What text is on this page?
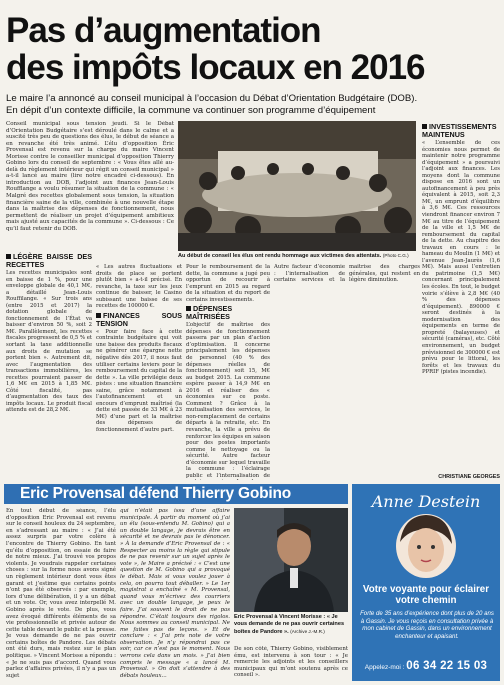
Pas d’augmentation
des impôts locaux en 2016
Le maire l’a annoncé au conseil municipal à l’occasion du Débat d’Orientation Budgétaire (DOB).
En dépit d’un contexte difficile, la commune va continuer son programme d’équipement

Conseil municipal sous tension jeudi. Si le Débat d’Orientation Budgétaire s’est déroulé dans le calme et a suscité très peu de questions des élus, le début de séance a en revanche été très animé. L’élu d’opposition Éric Provensal est revenu sur la charge du maire Vincent Morisse contre le conseiller municipal d’opposition Thierry Gobino lors du conseil de septembre : « Vous êtes allé au-delà du règlement intérieur qui régit un conseil municipal » a-t-il lancé au maire (lire notre encadré ci-dessous). En introduction au DOB, l’adjoint aux finances Jean-Louis Roufflange a voulu résumer la situation de la commune : « Malgré des recettes globalement sous tension, la situation financière saine de la ville, combinée à une nouvelle étape dans la maîtrise des dépenses de fonctionnement, nous permettent de réaliser un projet d’équipement ambitieux mais ajusté aux capacités de la commune ». Ci-dessous : Ce qu’il faut retenir du DOB.

Au début de conseil les élus ont rendu hommage aux victimes des attentats. (Photo C.G.)
LÉGÈRE BAISSE DES RECETTES

Les recettes municipales sont en baisse de 1 %, pour une enveloppe globale de 40,1 M€, a détaillé Jean-Louis Rouffilange. « Sur trois ans (entre 2015 et 2017) la dotation globale de fonctionnement de l’État va baisser d’environ 50 %, soit 2 M€. Parallèlement, les recettes fiscales progressent de 0,5 % et sortant la taxe additionnelle aux droits de mutation se portent bien ». Autrement dit, avec l’augmentation des transactions immobilières, les recettes pourraient passer de 1,6 M€ en 2015 à 1,85 M€. Côté fiscalité, pas d’augmentation des taux des impôts locaux. Le produit fiscal attendu est de 28,2 M€.

« Les autres fluctuations et droits de place se portent plutôt bien » a-t-il précisé. En revanche, la taxe sur les jeux continue de baisser, le Casino subissant une baisse de ses recettes de 100000 €.

FINANCES SOUS TENSION

« Pour faire face à cette contrainte budgétaire qui voit une baisse des produits fiscaux ne générer une épargne nette négative dès 2017, il nous faut utiliser certains leviers pour le remboursement du capital de la dette ». La ville privilégie deux pistes : une situation financière saine, grâce notamment à l’autofinancement et un encours d’emprunt maîtrisé (la dette est passée de 33 M€ à 23 M€) d’une part et la maîtrise des dépenses de fonctionnement d’autre part.

Pour le remboursement de la dette, la commune a jugé peu opportun de recourir à l’emprunt en 2015 au regard de la situation et du report de certains investissements.

DÉPENSES MAÎTRISÉES

L’objectif de maîtrise des dépenses de fonctionnement passera par un plan d’action d’optimisation. Il concerne principalement les dépenses de personnel (40 % des dépenses réelles de fonctionnement) soit 15, M€ au budget 2015. La commune espère passer à 14,9 M€ en 2016 et réaliser des « économies sur ce poste. Comment ? Grâce à la mutualisation des services, le non-remplacement de certains départs à la retraite, etc. En revanche, la ville a prévu de renforcer les équipes en saison pour des postes importants comme le nettoyage ou la sécurité. Autre facteur d’économie sur lequel travaille la commune : l’éclairage public et l’internalisation de

Autre facteur d’économie : l’internalisation de certains services et la maîtrise des charges générales, qui restent en légère diminution.

INVESTISSEMENTS MAINTENUS

« L’ensemble de ces économies nous permet de maintenir notre programme d’équipement » a poursuivi l’adjoint aux finances. Les moyens dont la commune dispose en 2016 sont un autofinancement à peu près équivalent à 2015, soit 2,3 M€, un emprunt d’équilibre à 3,6 M€. Ces ressources viendront financer environ 7 M€ au titre de l’équipement de la ville et 1,5 M€ de remboursement du capital de la dette. Au chapitre des travaux en cours : le hameau du Moulin (1 M€) et l’avenue Jean-Jaurès (1,6 M€). Mais aussi l’entretien du patrimoine (1,5 M€) concernant principalement les écoles. En tout, le budget voirie s’élève à 2,8 M€ (40 % des dépenses d’équipement). 890000 € seront destinés à la modernisation des équipements en terme de propreté (balayeuses) et sécurité (caméras), etc. Côté environnement, un budget prévisionnel de 300000 € est prévu pour le littoral, les forêts et les travaux du PPRIF (pistes incendie).

CHRISTIANE GEORGES
Eric Provensal défend Thierry Gobino

En tout début de séance, l’élu d’opposition Eric Provensal est revenu sur le conseil houleux du 24 septembre, en s’adressant au maire : « J’ai été assez surpris par votre colère à l’encontre de Thierry Gobino. En tant qu’élu d’opposition, on essaie de faire de notre mieux. J’ai trouvé vos propos violents. Je voudrais rappeler certaines choses : sur la forme nous avons signé un règlement intérieur dont vous êtes garant et j’estime que certains points n’ont pas été observés : par exemple, lors d’une délibération, il y a un débat et un vote. Or, vous avez interpellé M. Gobino après le vote. De plus, vous avez évoqué différents éléments de sa vie professionnelle et privée autour de cette table devant le public et la presse. Je vous demande de ne pas ouvrir certains boîtes de Pandore. Les débats ont été durs, mais restez sur le plan politique. » Vincent Morisse a répondu : « Je ne suis pas d’accord. Quand vous parlez d’affaires privées, il n’y a pas un sujet

qui n’était pas issu d’une affaire municipale. À partir du moment où j’ai un élu (sous-entendu M. Gobino) qui a un double langage, je devrais être en sécurité et ne devrais pas le dénoncer. » À la demande d’Eric Provensal de : « Respecter au moins la règle qui stipule de ne pas revenir sur un sujet après le vote », le Maire a précisé : « C’est une question de M. Gobino qui a provoqué le débat. Mais si vous voulez jouer à cela, on pourra tout déballer. » Le 1er magistrat a enchaîné « M. Provensal, quand vous m’écrivez des courriers avec un double langage, je peux le faire. J’ai souvent le droit de ne pas répondre. C’était toujours des rigolos. Nous sommes au conseil municipal. Ne me faites pas de leçons. » Et de conclure : « J’ai pris note de votre observation. Je n’y répondrai pas ce soir, car ce n’est pas le moment. Nous verrons cela dans un mois. » J’ai bien compris le message « a lancé M. Provensal. » On doit s’attendre à des débats houleux...

Eric Provensal à Vincent Morisse : « Je vous demande de ne pas ouvrir certaines boîtes de Pandore ». (Archive J.-M.R.)

De son côté, Thierry Gobino, visiblement ému, est intervenu à son tour : « Je remercie les adjoints et les conseillers municipaux qui m’ont soutenu après ce conseil ».

Anne Destein
Votre voyante pour éclairer votre chemin
Forte de 35 ans d’expérience dont plus de 20 ans à Gassin. Je vous reçois en consultation privée à mon cabinet de Gassin, dans un environnement enchanteur et apaisant.
Appelez-moi : 06 34 22 15 03
